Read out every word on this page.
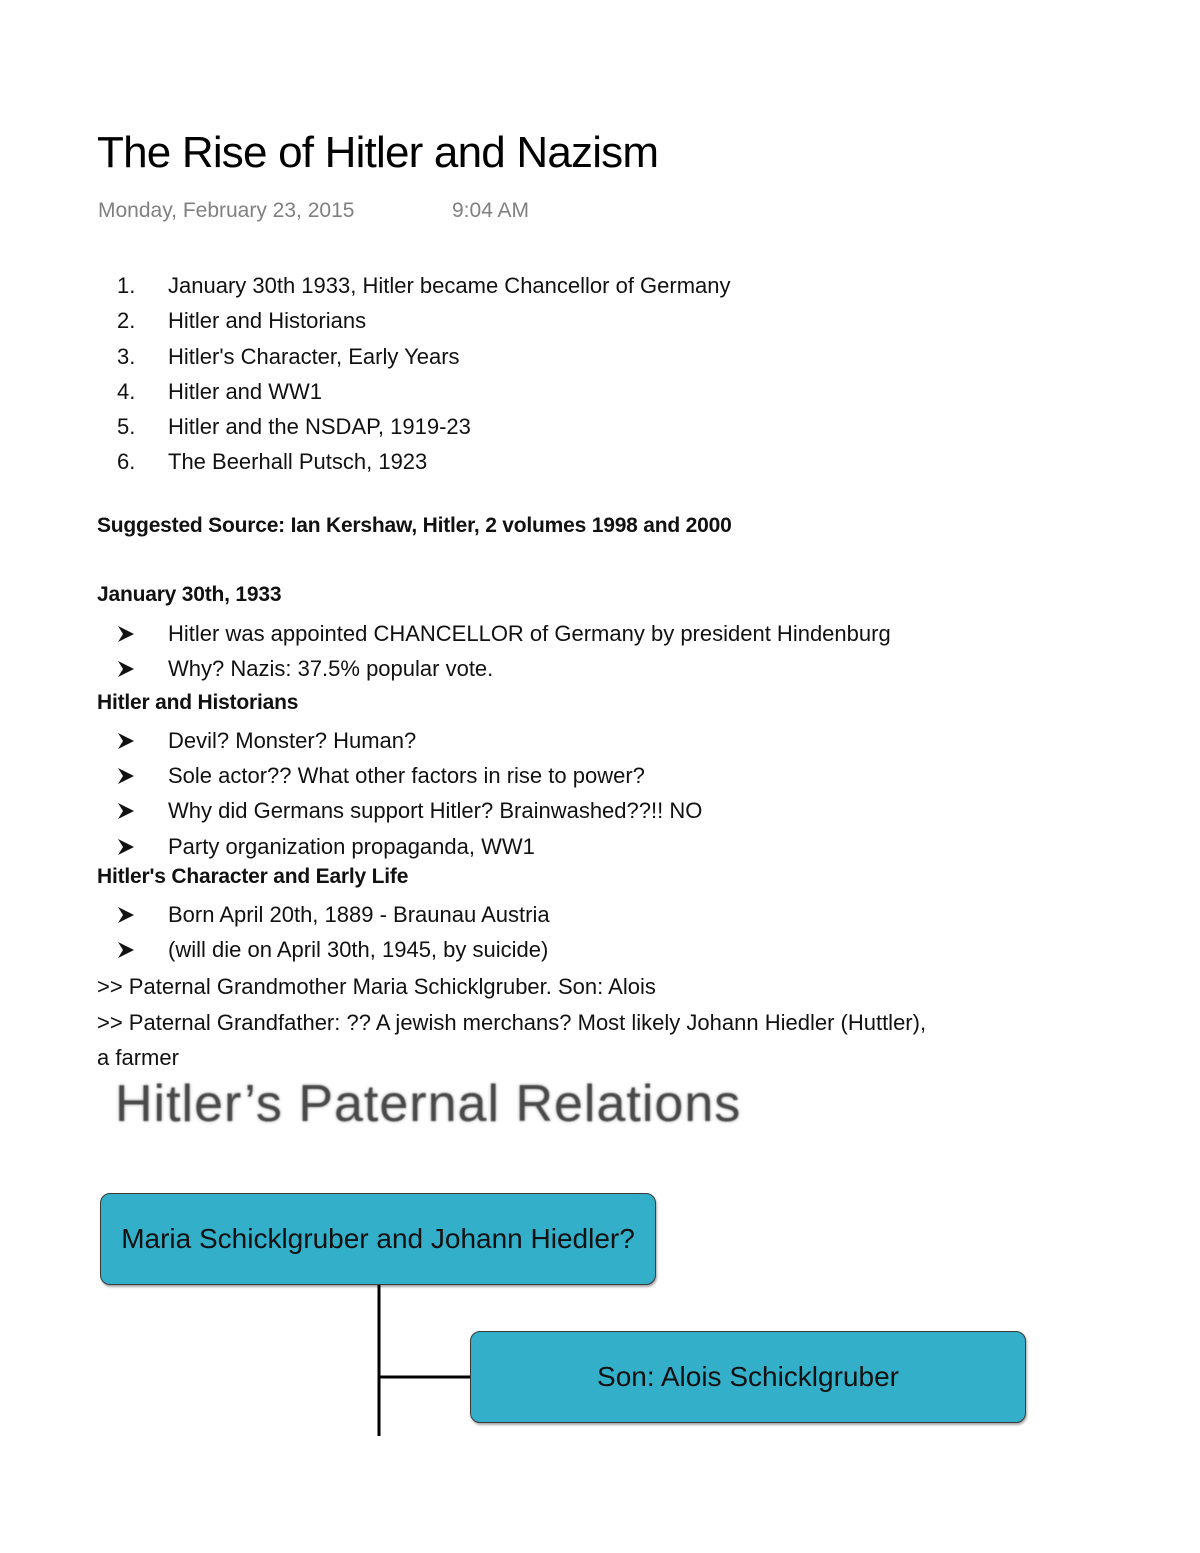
The Rise of Hitler and Nazism
Monday, February 23, 2015	9:04 AM
1. January 30th 1933, Hitler became Chancellor of Germany
2. Hitler and Historians
3. Hitler's Character, Early Years
4. Hitler and WW1
5. Hitler and the NSDAP, 1919-23
6. The Beerhall Putsch, 1923
Suggested Source: Ian Kershaw, Hitler, 2 volumes 1998 and 2000
January 30th, 1933
Hitler was appointed CHANCELLOR of Germany by president Hindenburg
Why? Nazis: 37.5% popular vote.
Hitler and Historians
Devil? Monster? Human?
Sole actor?? What other factors in rise to power?
Why did Germans support Hitler? Brainwashed??!! NO
Party organization propaganda, WW1
Hitler's Character and Early Life
Born April 20th, 1889 - Braunau Austria
(will die on April 30th, 1945, by suicide)
>> Paternal Grandmother Maria Schicklgruber. Son: Alois
>> Paternal Grandfather: ?? A jewish merchans? Most likely Johann Hiedler (Huttler),
a farmer
Hitler’s Paternal Relations
Maria Schicklgruber and Johann Hiedler?
Son: Alois Schicklgruber
